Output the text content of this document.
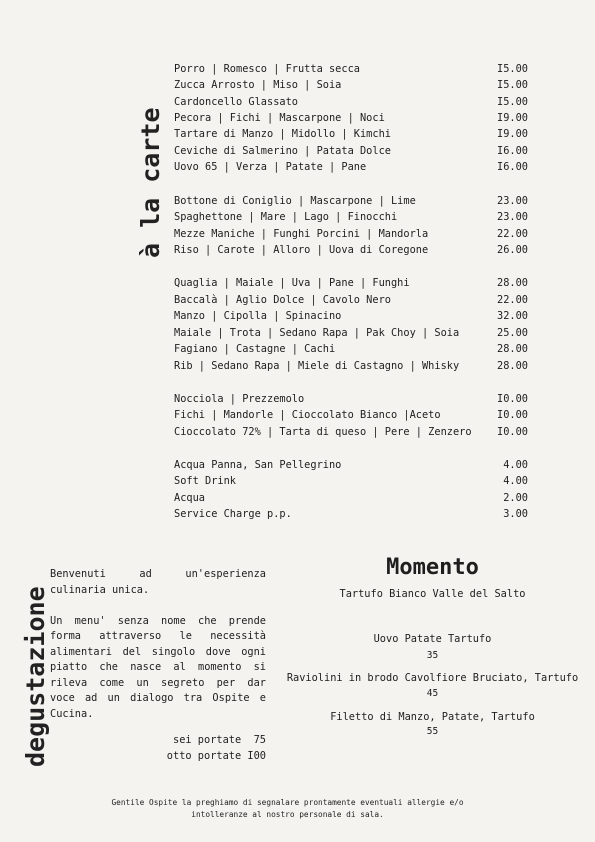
à la carte
degustazione
Porro | Romesco | Frutta secca	I5.00
Zucca Arrosto | Miso | Soia	I5.00
Cardoncello Glassato	I5.00
Pecora | Fichi | Mascarpone | Noci	I9.00
Tartare di Manzo | Midollo | Kimchi	I9.00
Ceviche di Salmerino | Patata Dolce	I6.00
Uovo 65 | Verza | Patate | Pane	I6.00
Bottone di Coniglio | Mascarpone | Lime	23.00
Spaghettone | Mare | Lago | Finocchi	23.00
Mezze Maniche | Funghi Porcini | Mandorla	22.00
Riso | Carote | Alloro | Uova di Coregone	26.00
Quaglia | Maiale | Uva | Pane | Funghi	28.00
Baccalà | Aglio Dolce | Cavolo Nero	22.00
Manzo | Cipolla | Spinacino	32.00
Maiale | Trota | Sedano Rapa | Pak Choy | Soia	25.00
Fagiano | Castagne | Cachi	28.00
Rib | Sedano Rapa | Miele di Castagno | Whisky	28.00
Nocciola | Prezzemolo	I0.00
Fichi | Mandorle | Cioccolato Bianco |Aceto	I0.00
Cioccolato 72% | Tarta di queso | Pere | Zenzero I0.00
Acqua Panna, San Pellegrino	4.00
Soft Drink	4.00
Acqua	2.00
Service Charge p.p.	3.00

Benvenuti ad un'esperienza culinaria unica.

Un menu' senza nome che prende forma attraverso le necessità alimentari del singolo dove ogni piatto che nasce al momento si rileva come un segreto per dar voce ad un dialogo tra Ospite e Cucina.

sei portate  75
otto portate I00
Momento
Tartufo Bianco Valle del Salto
Uovo Patate Tartufo
35
Raviolini in brodo Cavolfiore Bruciato, Tartufo
45
Filetto di Manzo, Patate, Tartufo
55
Gentile Ospite la preghiamo di segnalare prontamente eventuali allergie e/o
intolleranze al nostro personale di sala.
